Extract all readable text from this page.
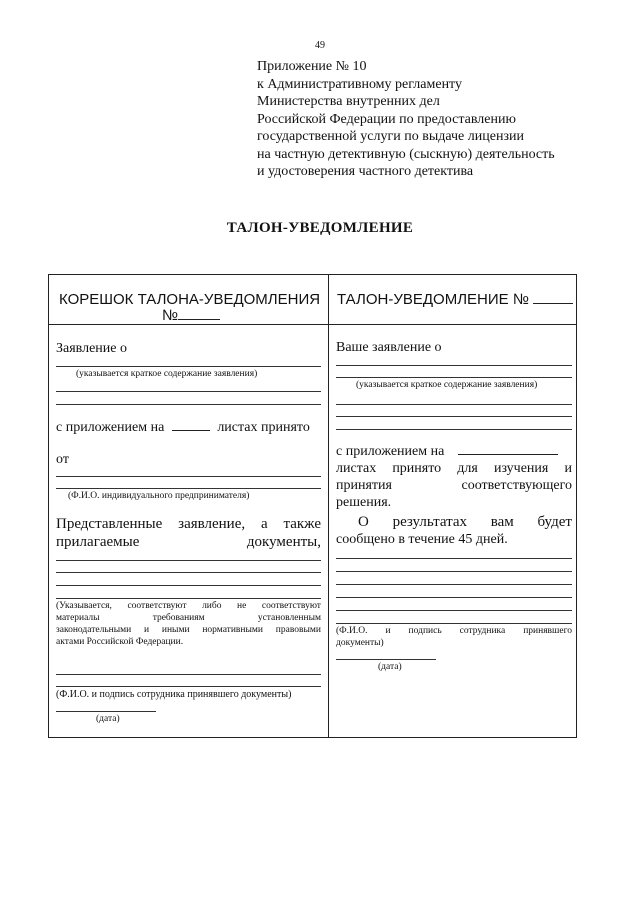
49
Приложение № 10
к Административному регламенту
Министерства внутренних дел
Российской Федерации по предоставлению
государственной услуги по выдаче лицензии
на частную детективную (сыскную) деятельность
и удостоверения частного детектива
ТАЛОН-УВЕДОМЛЕНИЕ
КОРЕШОК ТАЛОНА-УВЕДОМЛЕНИЯ
№
Заявление о
(указывается краткое содержание заявления)
с приложением на	листах принято
от
(Ф.И.О. индивидуального предпринимателя)
Представленные заявление, а также
прилагаемые	документы,
(Указывается, соответствуют либо не соответствуют
материалы	требованиям	установленным
законодательными и иными нормативными правовыми
актами Российской Федерации.
(Ф.И.О. и подпись сотрудника принявшего документы)
(дата)
ТАЛОН-УВЕДОМЛЕНИЕ №
Ваше заявление о
(указывается краткое содержание заявления)
с приложением на
листах принято для изучения и
принятия	соответствующего
решения.
О результатах вам будет
сообщено в течение 45 дней.
(Ф.И.О. и подпись сотрудника принявшего
документы)
(дата)
